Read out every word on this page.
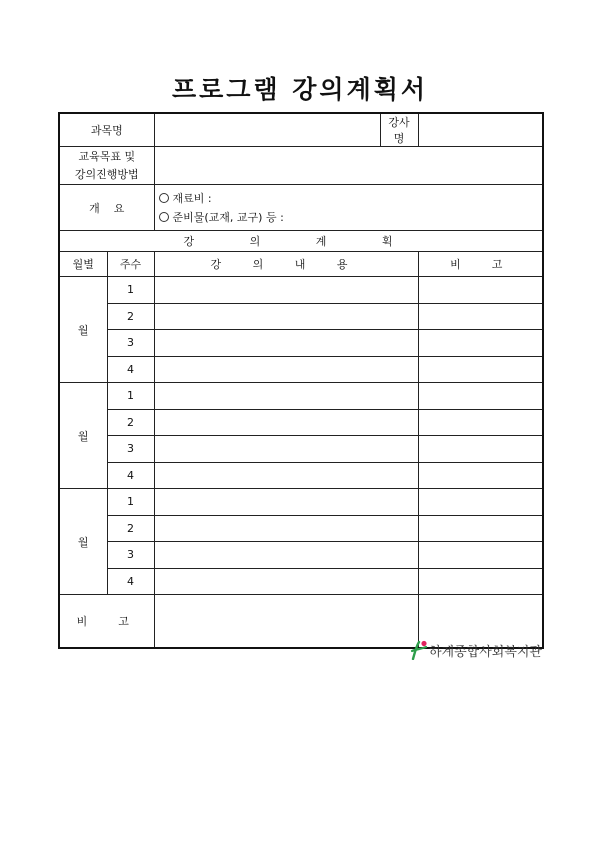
프로그램 강의계획서
과목명			강사명	

교육목표 및
강의진행방법				

개    요		재료비 :
준비물(교재, 교구) 등 :		

강 의 계 획				
월별	주수	강 의 내 용		비  고
월	1			
	2			
	3			
	4			
월	1			
	2			
	3			
	4			
월	1			
	2			
	3			
	4			
비  고				
하계종합사회복지관
